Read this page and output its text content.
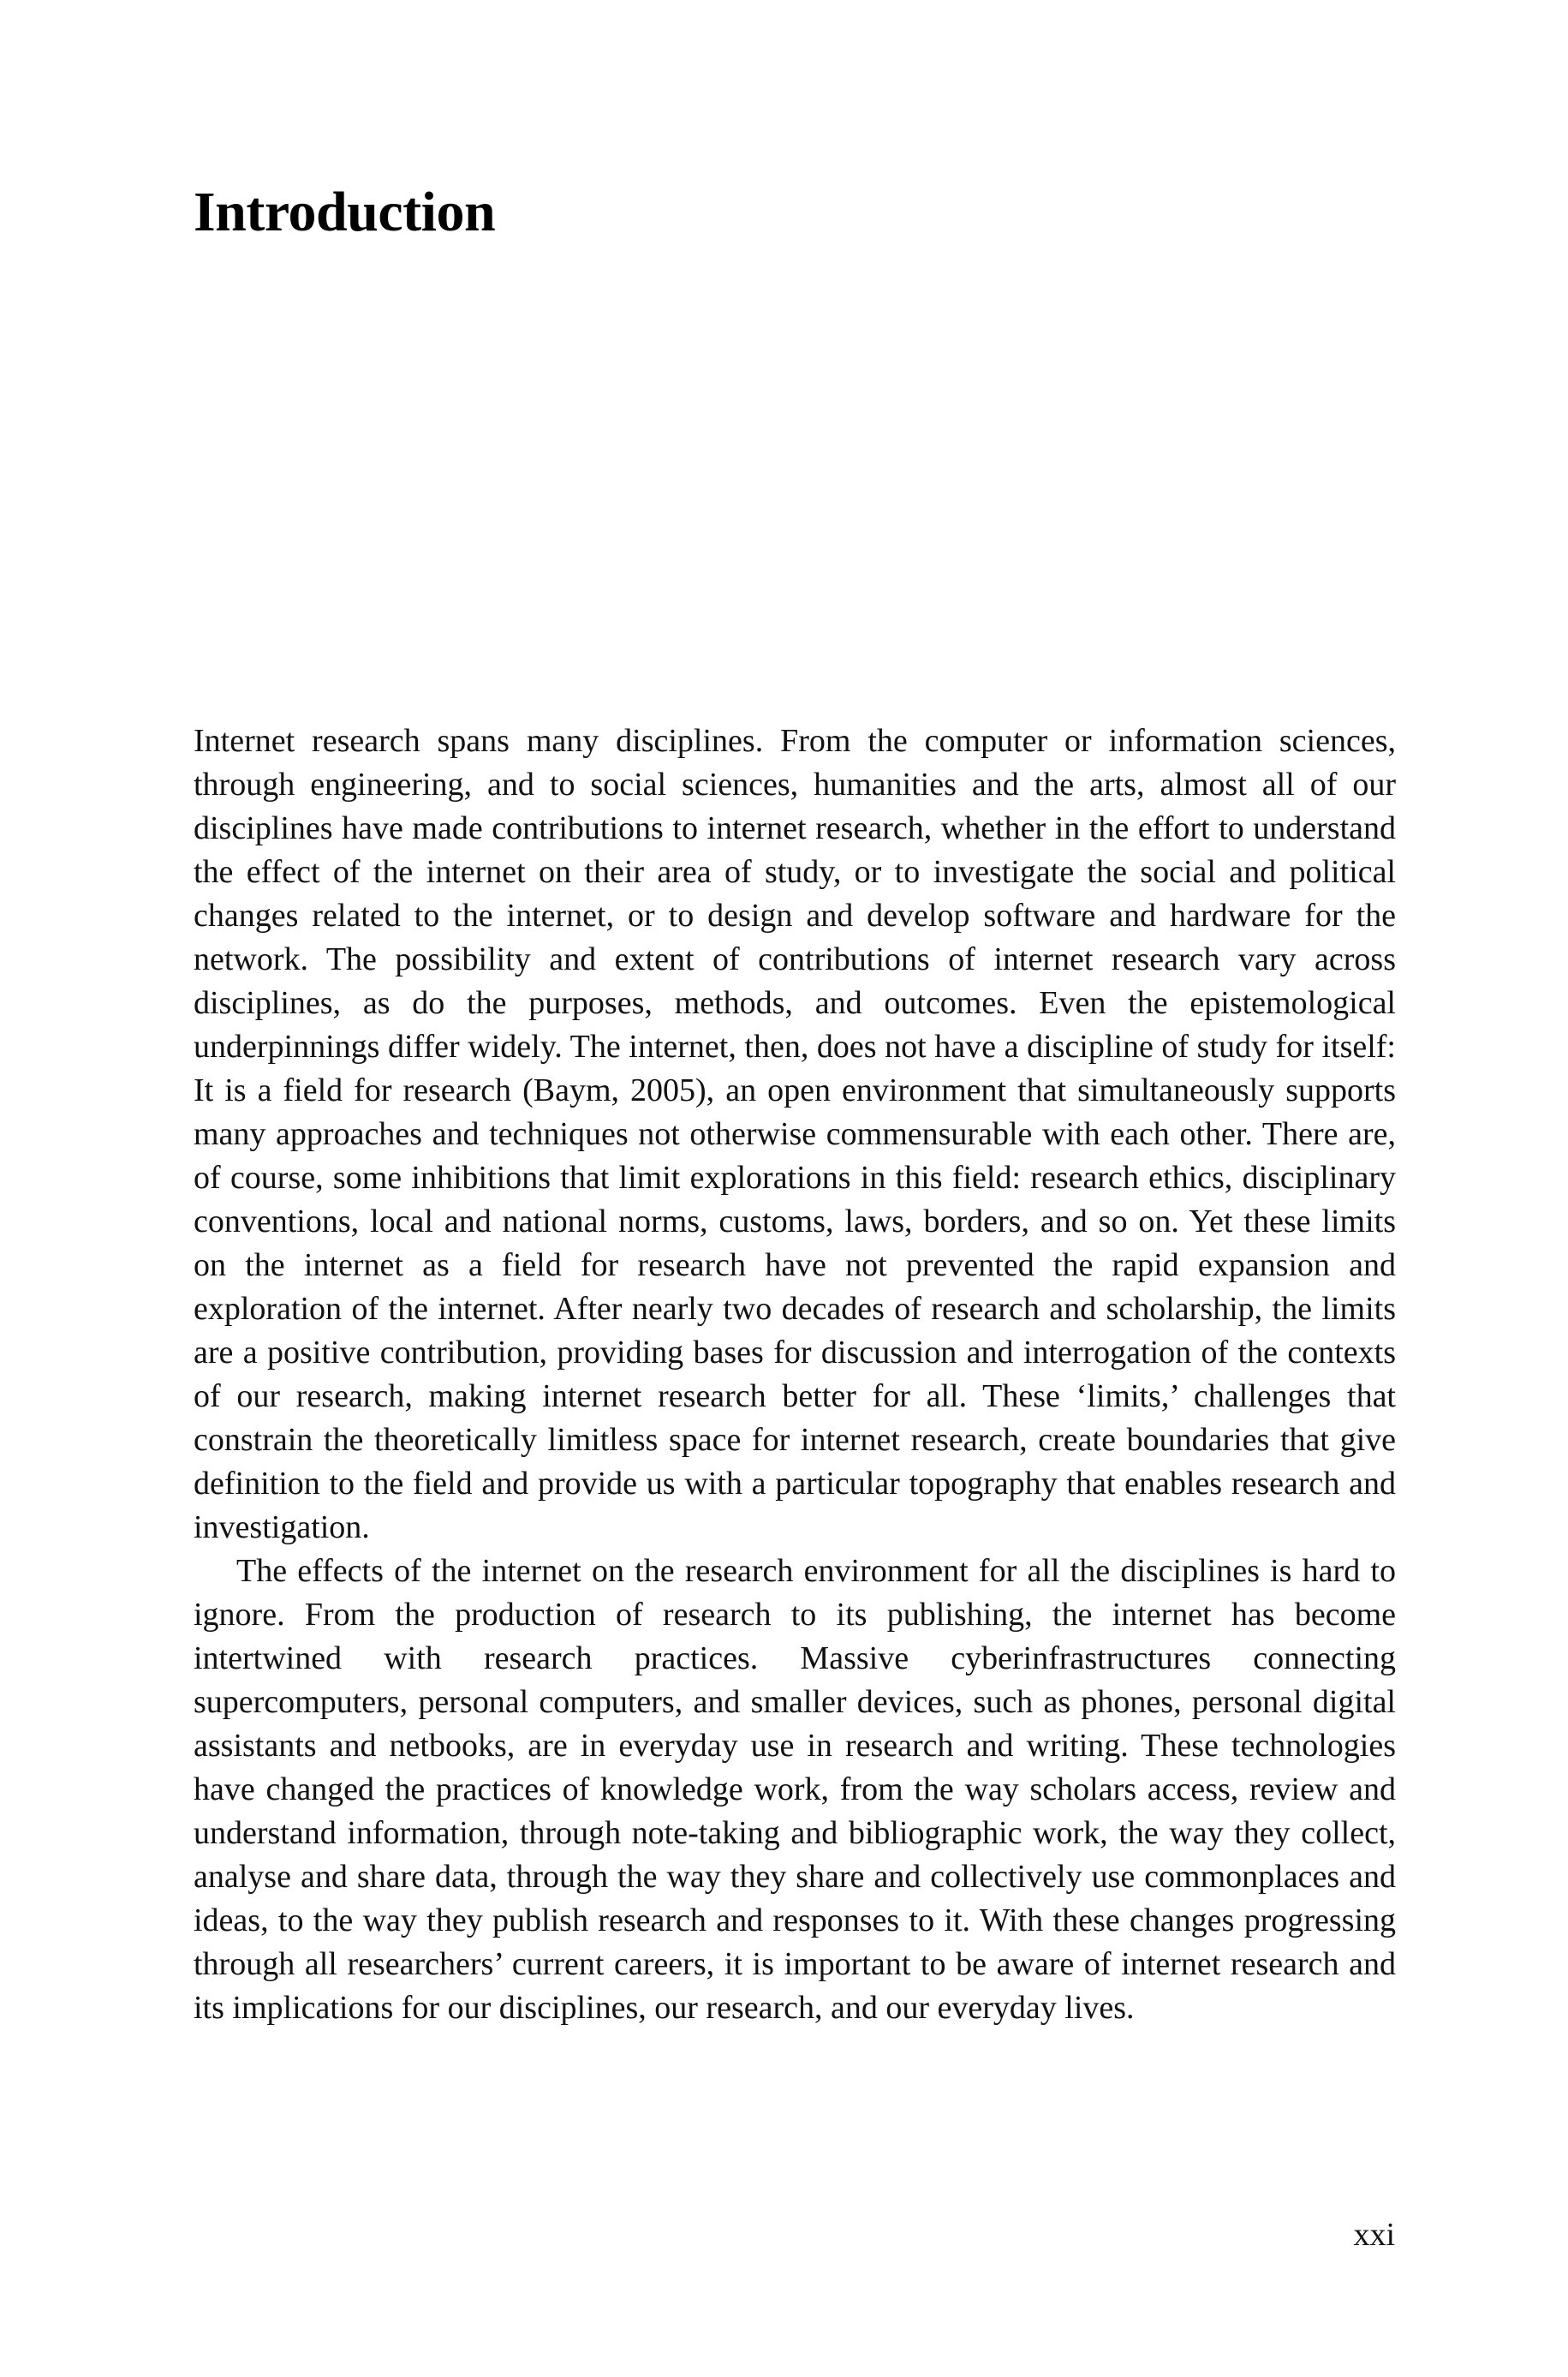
Introduction

Internet research spans many disciplines. From the computer or information sciences, through engineering, and to social sciences, humanities and the arts, almost all of our disciplines have made contributions to internet research, whether in the effort to understand the effect of the internet on their area of study, or to investigate the social and political changes related to the internet, or to design and develop software and hardware for the network. The possibility and extent of contributions of internet research vary across disciplines, as do the purposes, methods, and outcomes. Even the epistemological underpinnings differ widely. The internet, then, does not have a discipline of study for itself: It is a field for research (Baym, 2005), an open environment that simultaneously supports many approaches and techniques not otherwise commensurable with each other. There are, of course, some inhibitions that limit explorations in this field: research ethics, disciplinary conventions, local and national norms, customs, laws, borders, and so on. Yet these limits on the internet as a field for research have not prevented the rapid expansion and exploration of the internet. After nearly two decades of research and scholarship, the limits are a positive contribution, providing bases for discussion and interrogation of the contexts of our research, making internet research better for all. These ‘limits,’ challenges that constrain the theoretically limitless space for internet research, create boundaries that give definition to the field and provide us with a particular topography that enables research and investigation.

The effects of the internet on the research environment for all the disciplines is hard to ignore. From the production of research to its publishing, the internet has become intertwined with research practices. Massive cyberinfrastructures connecting supercomputers, personal computers, and smaller devices, such as phones, personal digital assistants and netbooks, are in everyday use in research and writing. These technologies have changed the practices of knowledge work, from the way scholars access, review and understand information, through note-taking and bibliographic work, the way they collect, analyse and share data, through the way they share and collectively use commonplaces and ideas, to the way they publish research and responses to it. With these changes progressing through all researchers’ current careers, it is important to be aware of internet research and its implications for our disciplines, our research, and our everyday lives.

xxi
